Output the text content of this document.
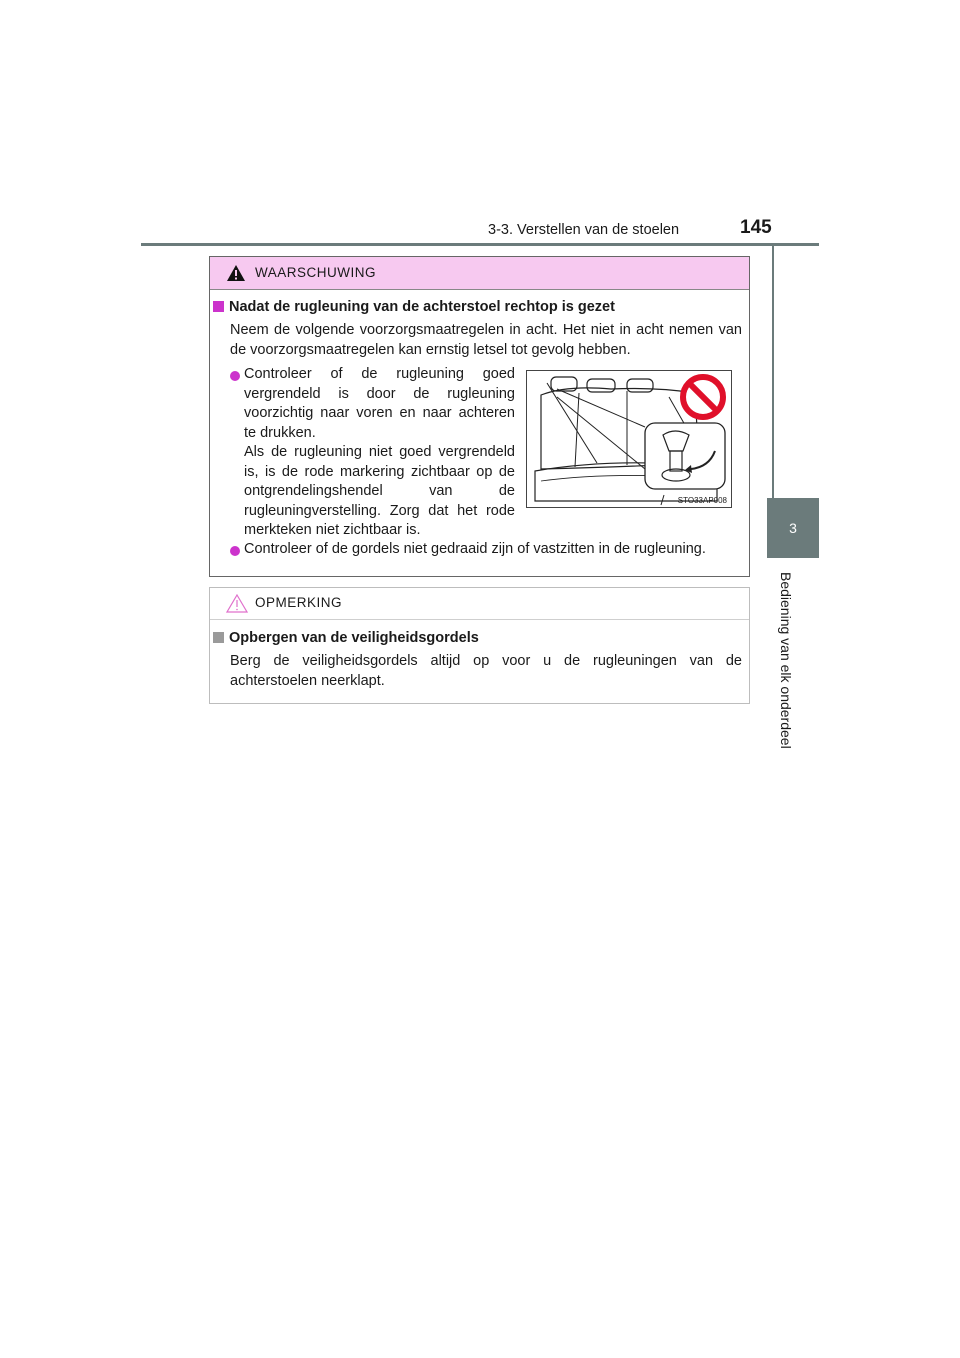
3-3. Verstellen van de stoelen	145
3
Bediening van elk onderdeel
WAARSCHUWING
Nadat de rugleuning van de achterstoel rechtop is gezet
Neem de volgende voorzorgsmaatregelen in acht. Het niet in acht nemen van de voorzorgsmaatregelen kan ernstig letsel tot gevolg hebben.
Controleer of de rugleuning goed vergrendeld is door de rugleuning voorzichtig naar voren en naar achteren te drukken.
Als de rugleuning niet goed vergrendeld is, is de rode markering zichtbaar op de ontgrendelingshendel van de rugleuningverstelling. Zorg dat het rode merkteken niet zichtbaar is.
STO33AP008
Controleer of de gordels niet gedraaid zijn of vastzitten in de rugleuning.
OPMERKING
Opbergen van de veiligheidsgordels
Berg de veiligheidsgordels altijd op voor u de rugleuningen van de achterstoelen neerklapt.
